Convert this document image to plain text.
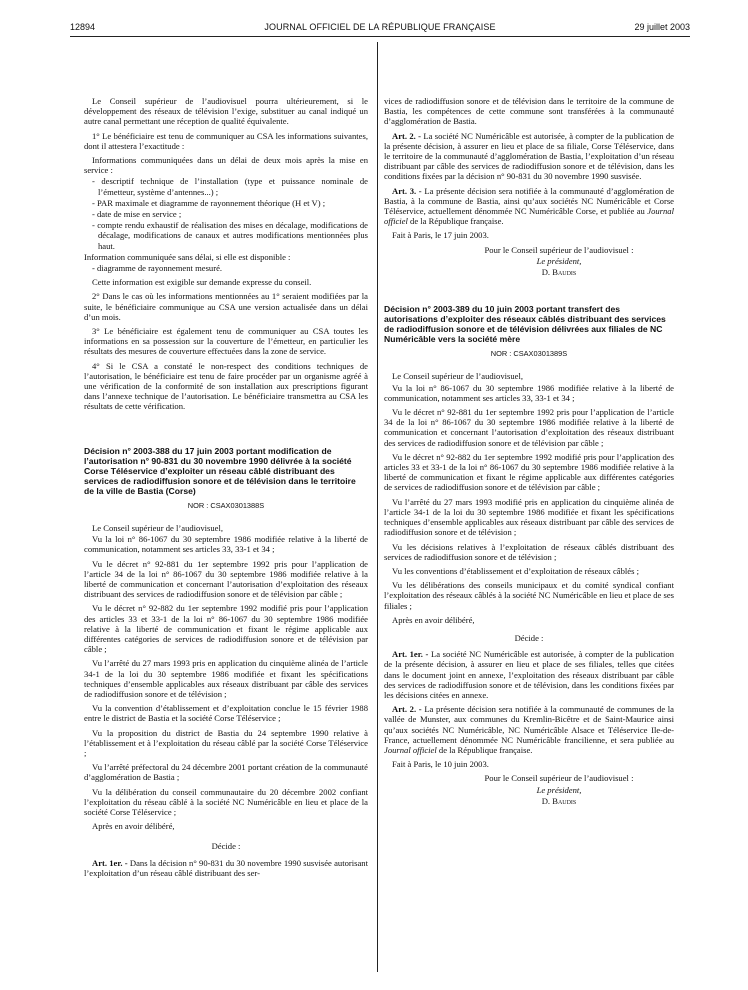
12894	JOURNAL OFFICIEL DE LA RÉPUBLIQUE FRANÇAISE	29 juillet 2003

Le Conseil supérieur de l’audiovisuel pourra ultérieurement, si le développement des réseaux de télévision l’exige, substituer au canal indiqué un autre canal permettant une réception de qualité équivalente.

1° Le bénéficiaire est tenu de communiquer au CSA les informations suivantes, dont il attestera l’exactitude :

Informations communiquées dans un délai de deux mois après la mise en service :

- descriptif technique de l’installation (type et puissance nominale de l’émetteur, système d’antennes...) ;

- PAR maximale et diagramme de rayonnement théorique (H et V) ;

- date de mise en service ;

- compte rendu exhaustif de réalisation des mises en décalage, modifications de décalage, modifications de canaux et autres modifications mentionnées plus haut.

Information communiquée sans délai, si elle est disponible :

- diagramme de rayonnement mesuré.

Cette information est exigible sur demande expresse du conseil.

2° Dans le cas où les informations mentionnées au 1° seraient modifiées par la suite, le bénéficiaire communique au CSA une version actualisée dans un délai d’un mois.

3° Le bénéficiaire est également tenu de communiquer au CSA toutes les informations en sa possession sur la couverture de l’émetteur, en particulier les résultats des mesures de couverture effectuées dans la zone de service.

4° Si le CSA a constaté le non-respect des conditions techniques de l’autorisation, le bénéficiaire est tenu de faire procéder par un organisme agréé à une vérification de la conformité de son installation aux prescriptions figurant dans l’annexe technique de l’autorisation. Le bénéficiaire transmettra au CSA les résultats de cette vérification.

Décision n° 2003-388 du 17 juin 2003 portant modification de l’autorisation n° 90-831 du 30 novembre 1990 délivrée à la société Corse Téléservice d’exploiter un réseau câblé distribuant des services de radiodiffusion sonore et de télévision dans le territoire de la ville de Bastia (Corse)

NOR : CSAX0301388S

Le Conseil supérieur de l’audiovisuel,

Vu la loi n° 86-1067 du 30 septembre 1986 modifiée relative à la liberté de communication, notamment ses articles 33, 33-1 et 34 ;

Vu le décret n° 92-881 du 1er septembre 1992 pris pour l’application de l’article 34 de la loi n° 86-1067 du 30 septembre 1986 modifiée relative à la liberté de communication et concernant l’autorisation d’exploitation des réseaux distribuant des services de radiodiffusion sonore et de télévision par câble ;

Vu le décret n° 92-882 du 1er septembre 1992 modifié pris pour l’application des articles 33 et 33-1 de la loi n° 86-1067 du 30 septembre 1986 modifiée relative à la liberté de communication et fixant le régime applicable aux différentes catégories de services de radiodiffusion sonore et de télévision par câble ;

Vu l’arrêté du 27 mars 1993 pris en application du cinquième alinéa de l’article 34-1 de la loi du 30 septembre 1986 modifiée et fixant les spécifications techniques d’ensemble applicables aux réseaux distribuant par câble des services de radiodiffusion sonore et de télévision ;

Vu la convention d’établissement et d’exploitation conclue le 15 février 1988 entre le district de Bastia et la société Corse Téléservice ;

Vu la proposition du district de Bastia du 24 septembre 1990 relative à l’établissement et à l’exploitation du réseau câblé par la société Corse Téléservice ;

Vu l’arrêté préfectoral du 24 décembre 2001 portant création de la communauté d’agglomération de Bastia ;

Vu la délibération du conseil communautaire du 20 décembre 2002 confiant l’exploitation du réseau câblé à la société NC Numéricâble en lieu et place de la société Corse Téléservice ;

Après en avoir délibéré,

Décide :

Art. 1er. - Dans la décision n° 90-831 du 30 novembre 1990 susvisée autorisant l’exploitation d’un réseau câblé distribuant des ser-

vices de radiodiffusion sonore et de télévision dans le territoire de la commune de Bastia, les compétences de cette commune sont transférées à la communauté d’agglomération de Bastia.

Art. 2. - La société NC Numéricâble est autorisée, à compter de la publication de la présente décision, à assurer en lieu et place de sa filiale, Corse Téléservice, dans le territoire de la communauté d’agglomération de Bastia, l’exploitation d’un réseau distribuant par câble des services de radiodiffusion sonore et de télévision, dans les conditions fixées par la décision n° 90-831 du 30 novembre 1990 susvisée.

Art. 3. - La présente décision sera notifiée à la communauté d’agglomération de Bastia, à la commune de Bastia, ainsi qu’aux sociétés NC Numéricâble et Corse Téléservice, actuellement dénommée NC Numéricâble Corse, et publiée au Journal officiel de la République française.

Fait à Paris, le 17 juin 2003.

Pour le Conseil supérieur de l’audiovisuel :

Le président,

D. Baudis

Décision n° 2003-389 du 10 juin 2003 portant transfert des autorisations d’exploiter des réseaux câblés distribuant des services de radiodiffusion sonore et de télévision délivrées aux filiales de NC Numéricâble vers la société mère

NOR : CSAX0301389S

Le Conseil supérieur de l’audiovisuel,

Vu la loi n° 86-1067 du 30 septembre 1986 modifiée relative à la liberté de communication, notamment ses articles 33, 33-1 et 34 ;

Vu le décret n° 92-881 du 1er septembre 1992 pris pour l’application de l’article 34 de la loi n° 86-1067 du 30 septembre 1986 modifiée relative à la liberté de communication et concernant l’autorisation d’exploitation des réseaux distribuant des services de radiodiffusion sonore et de télévision par câble ;

Vu le décret n° 92-882 du 1er septembre 1992 modifié pris pour l’application des articles 33 et 33-1 de la loi n° 86-1067 du 30 septembre 1986 modifiée relative à la liberté de communication et fixant le régime applicable aux différentes catégories de services de radiodiffusion sonore et de télévision par câble ;

Vu l’arrêté du 27 mars 1993 modifié pris en application du cinquième alinéa de l’article 34-1 de la loi du 30 septembre 1986 modifiée et fixant les spécifications techniques d’ensemble applicables aux réseaux distribuant par câble des services de radiodiffusion sonore et de télévision ;

Vu les décisions relatives à l’exploitation de réseaux câblés distribuant des services de radiodiffusion sonore et de télévision ;

Vu les conventions d’établissement et d’exploitation de réseaux câblés ;

Vu les délibérations des conseils municipaux et du comité syndical confiant l’exploitation des réseaux câblés à la société NC Numéricâble en lieu et place de ses filiales ;

Après en avoir délibéré,

Décide :

Art. 1er. - La société NC Numéricâble est autorisée, à compter de la publication de la présente décision, à assurer en lieu et place de ses filiales, telles que citées dans le document joint en annexe, l’exploitation des réseaux distribuant par câble des services de radiodiffusion sonore et de télévision, dans les conditions fixées par les décisions citées en annexe.

Art. 2. - La présente décision sera notifiée à la communauté de communes de la vallée de Munster, aux communes du Kremlin-Bicêtre et de Saint-Maurice ainsi qu’aux sociétés NC Numéricâble, NC Numéricâble Alsace et Téléservice Ile-de-France, actuellement dénommée NC Numéricâble francilienne, et sera publiée au Journal officiel de la République française.

Fait à Paris, le 10 juin 2003.

Pour le Conseil supérieur de l’audiovisuel :

Le président,

D. Baudis
